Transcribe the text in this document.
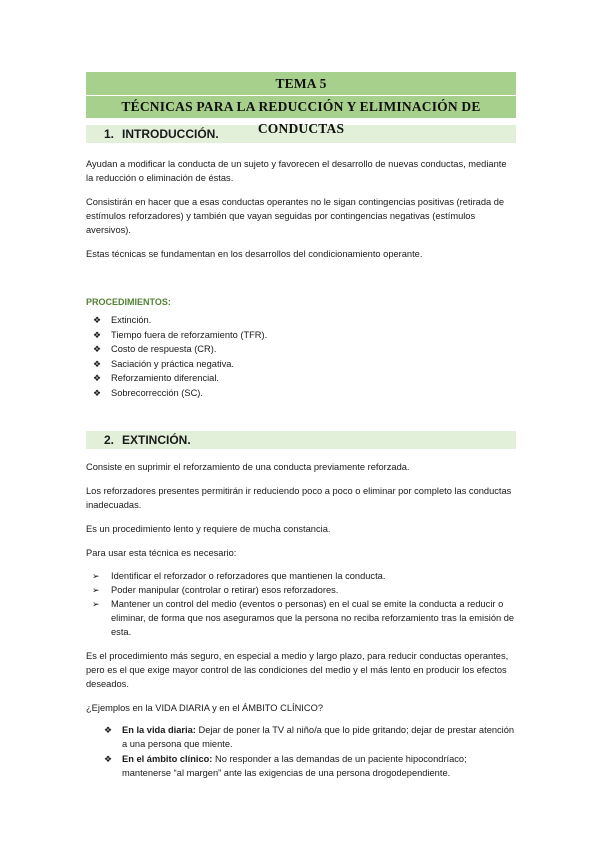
TEMA 5
TÉCNICAS PARA LA REDUCCIÓN Y ELIMINACIÓN DE CONDUCTAS
1. INTRODUCCIÓN.

Ayudan a modificar la conducta de un sujeto y favorecen el desarrollo de nuevas conductas, mediante la reducción o eliminación de éstas.

Consistirán en hacer que a esas conductas operantes no le sigan contingencias positivas (retirada de estímulos reforzadores) y también que vayan seguidas por contingencias negativas (estímulos aversivos).

Estas técnicas se fundamentan en los desarrollos del condicionamiento operante.

PROCEDIMIENTOS:
❖ Extinción.
❖ Tiempo fuera de reforzamiento (TFR).
❖ Costo de respuesta (CR).
❖ Saciación y práctica negativa.
❖ Reforzamiento diferencial.
❖ Sobrecorrección (SC).
2. EXTINCIÓN.

Consiste en suprimir el reforzamiento de una conducta previamente reforzada.

Los reforzadores presentes permitirán ir reduciendo poco a poco o eliminar por completo las conductas inadecuadas.

Es un procedimiento lento y requiere de mucha constancia.

Para usar esta técnica es necesario:

➢ Identificar el reforzador o reforzadores que mantienen la conducta.
➢ Poder manipular (controlar o retirar) esos reforzadores.
➢ Mantener un control del medio (eventos o personas) en el cual se emite la conducta a reducir o eliminar, de forma que nos aseguramos que la persona no reciba reforzamiento tras la emisión de esta.

Es el procedimiento más seguro, en especial a medio y largo plazo, para reducir conductas operantes, pero es el que exige mayor control de las condiciones del medio y el más lento en producir los efectos deseados.

¿Ejemplos en la VIDA DIARIA y en el ÁMBITO CLÍNICO?

❖ En la vida diaria: Dejar de poner la TV al niño/a que lo pide gritando; dejar de prestar atención a una persona que miente.
❖ En el ámbito clínico: No responder a las demandas de un paciente hipocondríaco; mantenerse “al margen” ante las exigencias de una persona drogodependiente.
